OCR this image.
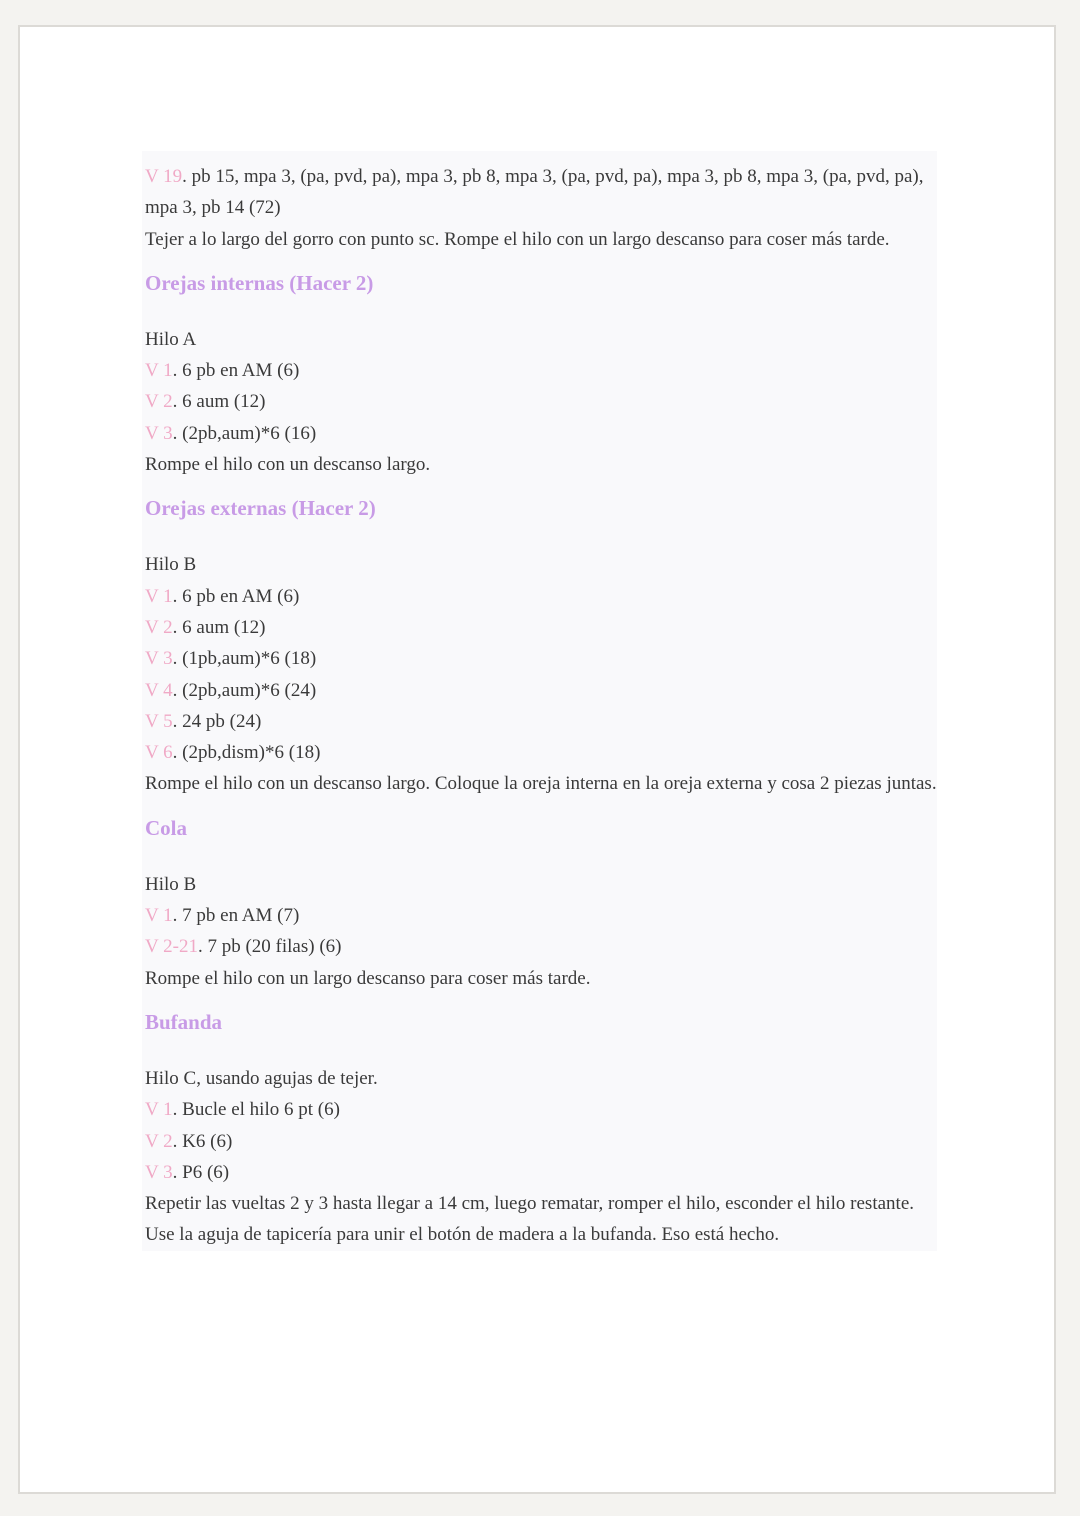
V 19. pb 15, mpa 3, (pa, pvd, pa), mpa 3, pb 8, mpa 3, (pa, pvd, pa), mpa 3, pb 8, mpa 3, (pa, pvd, pa), mpa 3, pb 14 (72)
Tejer a lo largo del gorro con punto sc. Rompe el hilo con un largo descanso para coser más tarde.
Orejas internas (Hacer 2)
Hilo A
V 1. 6 pb en AM (6)
V 2. 6 aum (12)
V 3. (2pb,aum)*6 (16)
Rompe el hilo con un descanso largo.
Orejas externas (Hacer 2)
Hilo B
V 1. 6 pb en AM (6)
V 2. 6 aum (12)
V 3. (1pb,aum)*6 (18)
V 4. (2pb,aum)*6 (24)
V 5. 24 pb (24)
V 6. (2pb,dism)*6 (18)
Rompe el hilo con un descanso largo. Coloque la oreja interna en la oreja externa y cosa 2 piezas juntas.
Cola
Hilo B
V 1. 7 pb en AM (7)
V 2-21. 7 pb (20 filas) (6)
Rompe el hilo con un largo descanso para coser más tarde.
Bufanda
Hilo C, usando agujas de tejer.
V 1. Bucle el hilo 6 pt (6)
V 2. K6 (6)
V 3. P6 (6)
Repetir las vueltas 2 y 3 hasta llegar a 14 cm, luego rematar, romper el hilo, esconder el hilo restante.
Use la aguja de tapicería para unir el botón de madera a la bufanda. Eso está hecho.
